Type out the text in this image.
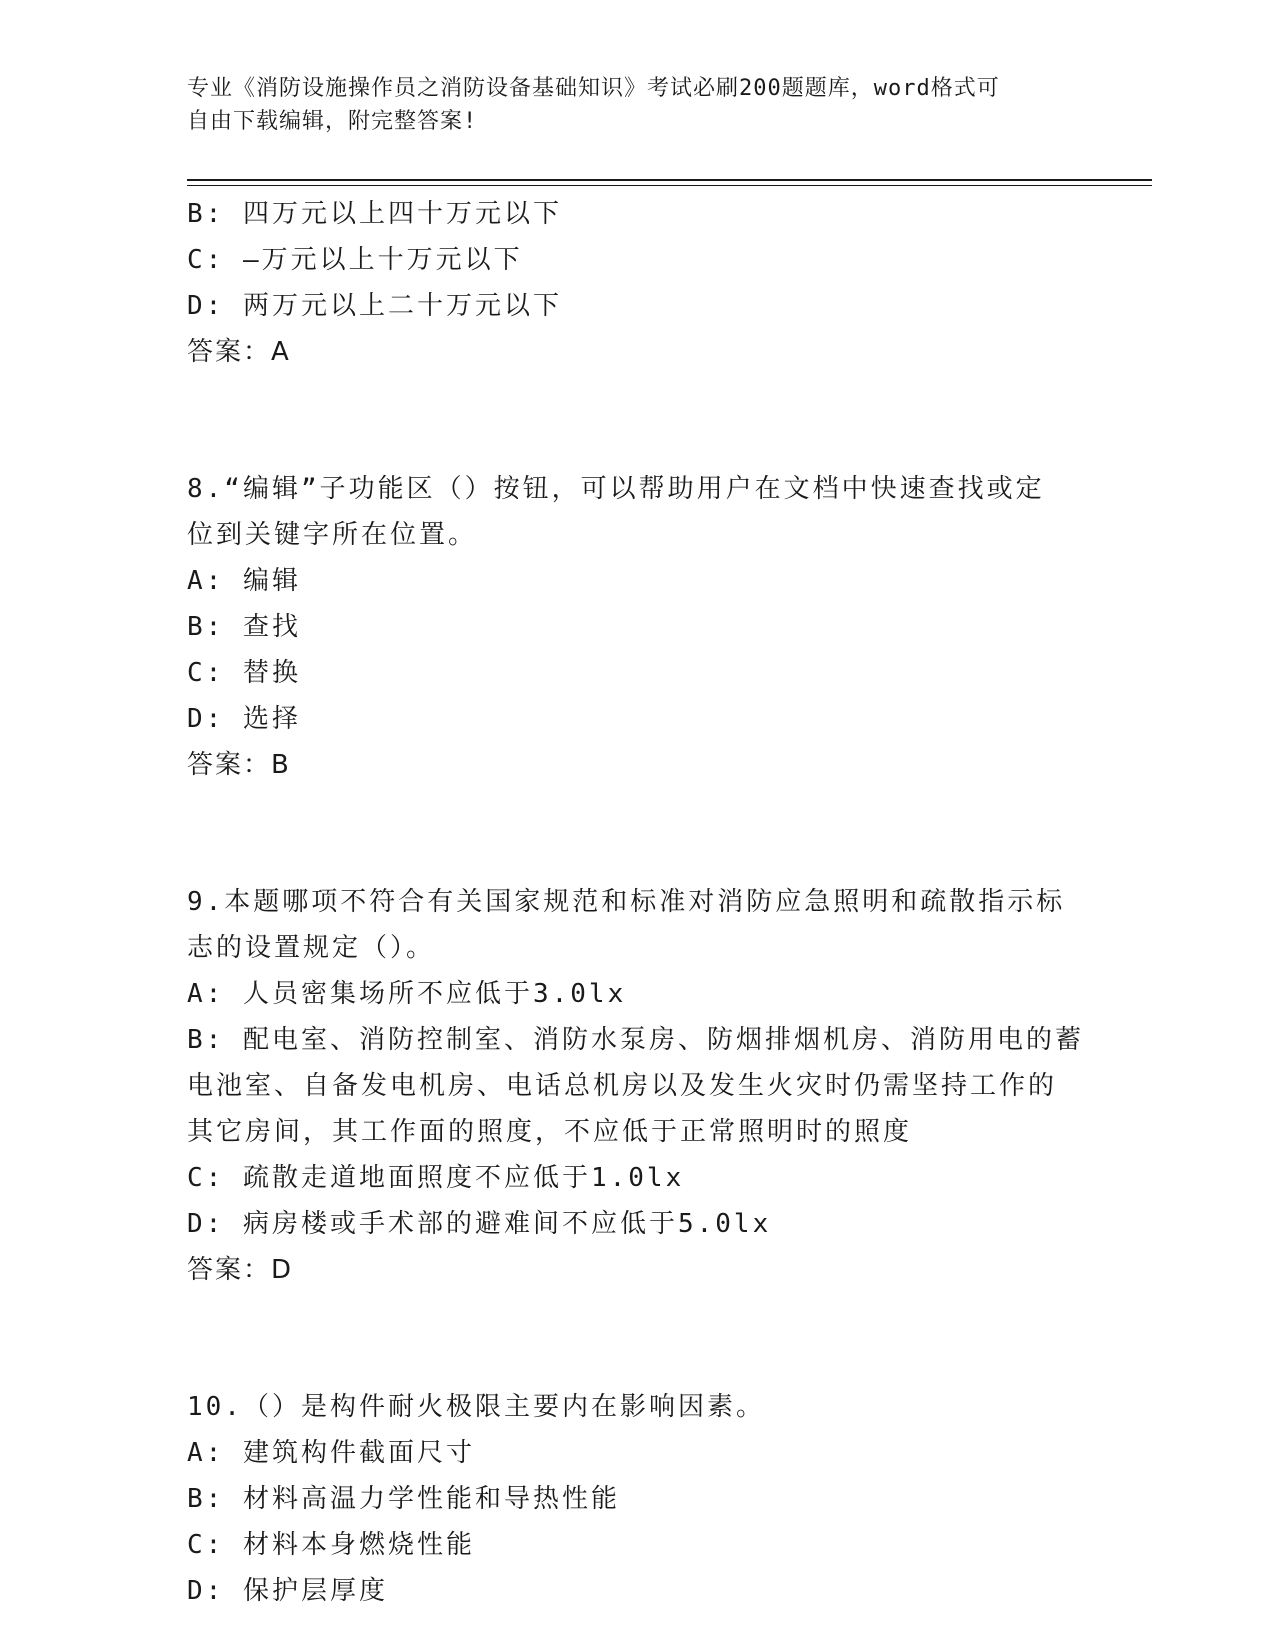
专业《消防设施操作员之消防设备基础知识》考试必刷200题题库，word格式可
自由下载编辑，附完整答案!
B: 四万元以上四十万元以下
C: —万元以上十万元以下
D: 两万元以上二十万元以下
答案：A
8.“编辑”子功能区（）按钮，可以帮助用户在文档中快速查找或定
位到关键字所在位置。
A: 编辑
B: 查找
C: 替换
D: 选择
答案：B
9.本题哪项不符合有关国家规范和标准对消防应急照明和疏散指示标
志的设置规定（）。
A: 人员密集场所不应低于3.0lx
B: 配电室、消防控制室、消防水泵房、防烟排烟机房、消防用电的蓄
电池室、自备发电机房、电话总机房以及发生火灾时仍需坚持工作的
其它房间，其工作面的照度，不应低于正常照明时的照度
C: 疏散走道地面照度不应低于1.0lx
D: 病房楼或手术部的避难间不应低于5.0lx
答案：D
10.（）是构件耐火极限主要内在影响因素。
A: 建筑构件截面尺寸
B: 材料高温力学性能和导热性能
C: 材料本身燃烧性能
D: 保护层厚度
